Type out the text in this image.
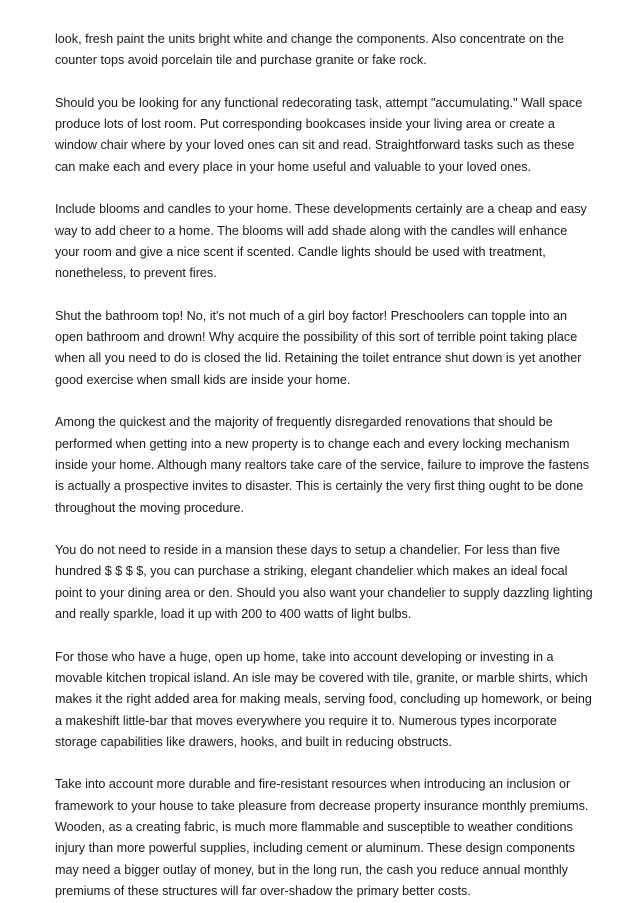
look, fresh paint the units bright white and change the components. Also concentrate on the counter tops avoid porcelain tile and purchase granite or fake rock.

Should you be looking for any functional redecorating task, attempt "accumulating." Wall space produce lots of lost room. Put corresponding bookcases inside your living area or create a window chair where by your loved ones can sit and read. Straightforward tasks such as these can make each and every place in your home useful and valuable to your loved ones.

Include blooms and candles to your home. These developments certainly are a cheap and easy way to add cheer to a home. The blooms will add shade along with the candles will enhance your room and give a nice scent if scented. Candle lights should be used with treatment, nonetheless, to prevent fires.

Shut the bathroom top! No, it's not much of a girl boy factor! Preschoolers can topple into an open bathroom and drown! Why acquire the possibility of this sort of terrible point taking place when all you need to do is closed the lid. Retaining the toilet entrance shut down is yet another good exercise when small kids are inside your home.

Among the quickest and the majority of frequently disregarded renovations that should be performed when getting into a new property is to change each and every locking mechanism inside your home. Although many realtors take care of the service, failure to improve the fastens is actually a prospective invites to disaster. This is certainly the very first thing ought to be done throughout the moving procedure.

You do not need to reside in a mansion these days to setup a chandelier. For less than five hundred $ $ $ $, you can purchase a striking, elegant chandelier which makes an ideal focal point to your dining area or den. Should you also want your chandelier to supply dazzling lighting and really sparkle, load it up with 200 to 400 watts of light bulbs.

For those who have a huge, open up home, take into account developing or investing in a movable kitchen tropical island. An isle may be covered with tile, granite, or marble shirts, which makes it the right added area for making meals, serving food, concluding up homework, or being a makeshift little-bar that moves everywhere you require it to. Numerous types incorporate storage capabilities like drawers, hooks, and built in reducing obstructs.

Take into account more durable and fire-resistant resources when introducing an inclusion or framework to your house to take pleasure from decrease property insurance monthly premiums. Wooden, as a creating fabric, is much more flammable and susceptible to weather conditions injury than more powerful supplies, including cement or aluminum. These design components may need a bigger outlay of money, but in the long run, the cash you reduce annual monthly premiums of these structures will far over-shadow the primary better costs.
